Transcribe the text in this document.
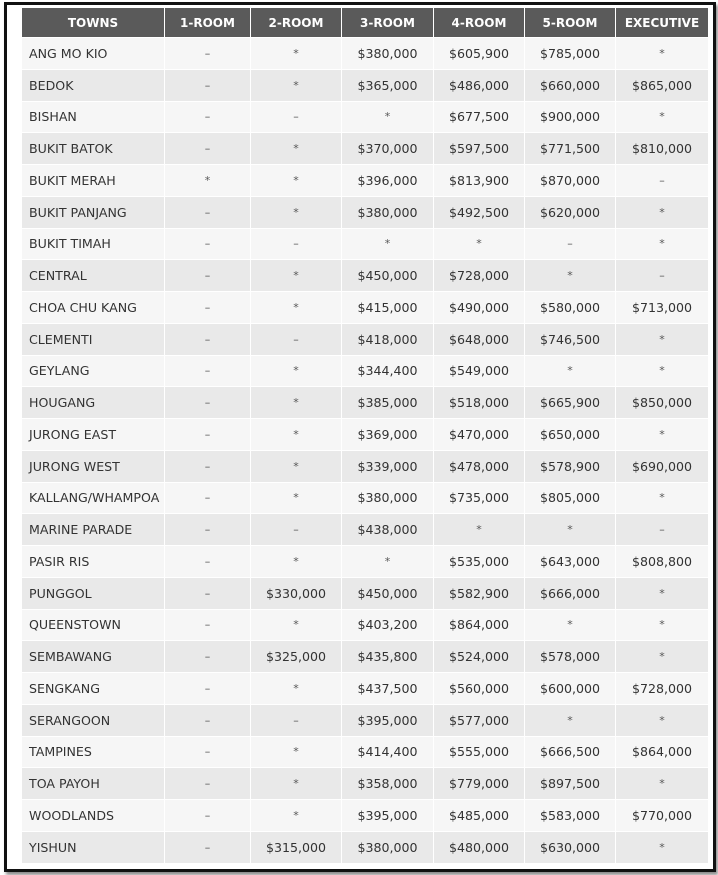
TOWNS	1-ROOM	2-ROOM	3-ROOM	4-ROOM	5-ROOM	EXECUTIVE
ANG MO KIO	–	*	$380,000	$605,900	$785,000	*
BEDOK	–	*	$365,000	$486,000	$660,000	$865,000
BISHAN	–	–	*	$677,500	$900,000	*
BUKIT BATOK	–	*	$370,000	$597,500	$771,500	$810,000
BUKIT MERAH	*	*	$396,000	$813,900	$870,000	–
BUKIT PANJANG	–	*	$380,000	$492,500	$620,000	*
BUKIT TIMAH	–	–	*	*	–	*
CENTRAL	–	*	$450,000	$728,000	*	–
CHOA CHU KANG	–	*	$415,000	$490,000	$580,000	$713,000
CLEMENTI	–	–	$418,000	$648,000	$746,500	*
GEYLANG	–	*	$344,400	$549,000	*	*
HOUGANG	–	*	$385,000	$518,000	$665,900	$850,000
JURONG EAST	–	*	$369,000	$470,000	$650,000	*
JURONG WEST	–	*	$339,000	$478,000	$578,900	$690,000
KALLANG/WHAMPOA	–	*	$380,000	$735,000	$805,000	*
MARINE PARADE	–	–	$438,000	*	*	–
PASIR RIS	–	*	*	$535,000	$643,000	$808,800
PUNGGOL	–	$330,000	$450,000	$582,900	$666,000	*
QUEENSTOWN	–	*	$403,200	$864,000	*	*
SEMBAWANG	–	$325,000	$435,800	$524,000	$578,000	*
SENGKANG	–	*	$437,500	$560,000	$600,000	$728,000
SERANGOON	–	–	$395,000	$577,000	*	*
TAMPINES	–	*	$414,400	$555,000	$666,500	$864,000
TOA PAYOH	–	*	$358,000	$779,000	$897,500	*
WOODLANDS	–	*	$395,000	$485,000	$583,000	$770,000
YISHUN	–	$315,000	$380,000	$480,000	$630,000	*
